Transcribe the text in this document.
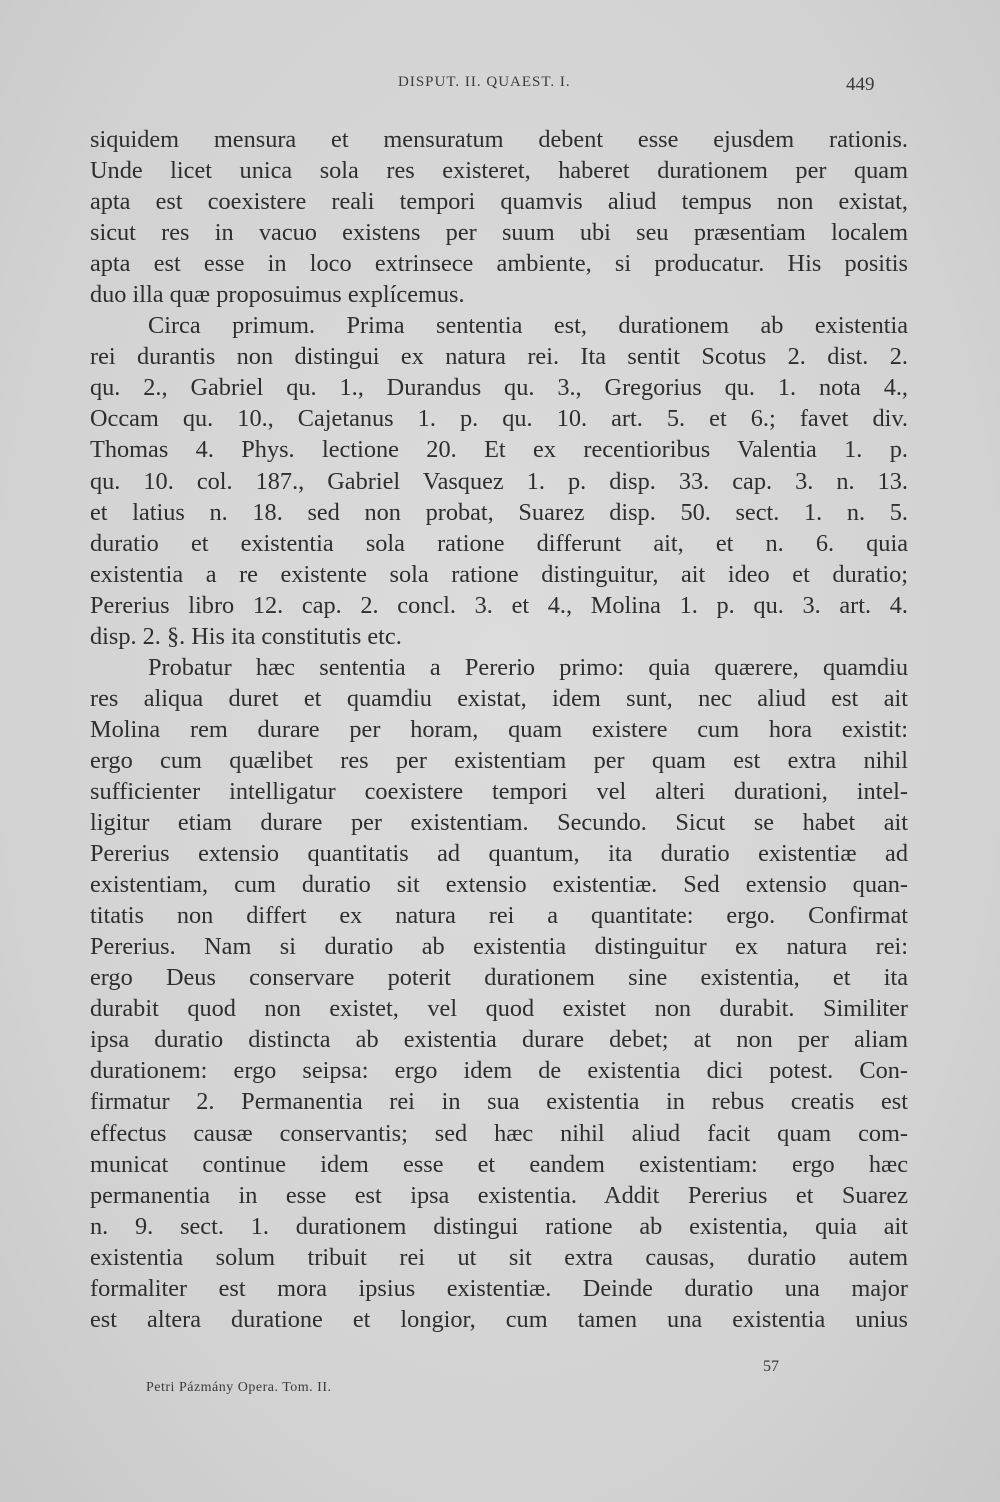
DISPUT. II. QUAEST. I.	449
siquidem mensura et mensuratum debent esse ejusdem rationis.
Unde licet unica sola res existeret, haberet durationem per quam
apta est coexistere reali tempori quamvis aliud tempus non existat,
sicut res in vacuo existens per suum ubi seu præsentiam localem
apta est esse in loco extrinsece ambiente, si producatur. His positis
duo illa quæ proposuimus explícemus.
Circa primum. Prima sententia est, durationem ab existentia
rei durantis non distingui ex natura rei. Ita sentit Scotus 2. dist. 2.
qu. 2., Gabriel qu. 1., Durandus qu. 3., Gregorius qu. 1. nota 4.,
Occam qu. 10., Cajetanus 1. p. qu. 10. art. 5. et 6.; favet div.
Thomas 4. Phys. lectione 20. Et ex recentioribus Valentia 1. p.
qu. 10. col. 187., Gabriel Vasquez 1. p. disp. 33. cap. 3. n. 13.
et latius n. 18. sed non probat, Suarez disp. 50. sect. 1. n. 5.
duratio et existentia sola ratione differunt ait, et n. 6. quia
existentia a re existente sola ratione distinguitur, ait ideo et duratio;
Pererius libro 12. cap. 2. concl. 3. et 4., Molina 1. p. qu. 3. art. 4.
disp. 2. §. His ita constitutis etc.
Probatur hæc sententia a Pererio primo: quia quærere, quamdiu
res aliqua duret et quamdiu existat, idem sunt, nec aliud est ait
Molina rem durare per horam, quam existere cum hora existit:
ergo cum quælibet res per existentiam per quam est extra nihil
sufficienter intelligatur coexistere tempori vel alteri durationi, intel-
ligitur etiam durare per existentiam. Secundo. Sicut se habet ait
Pererius extensio quantitatis ad quantum, ita duratio existentiæ ad
existentiam, cum duratio sit extensio existentiæ. Sed extensio quan-
titatis non differt ex natura rei a quantitate: ergo. Confirmat
Pererius. Nam si duratio ab existentia distinguitur ex natura rei:
ergo Deus conservare poterit durationem sine existentia, et ita
durabit quod non existet, vel quod existet non durabit. Similiter
ipsa duratio distincta ab existentia durare debet; at non per aliam
durationem: ergo seipsa: ergo idem de existentia dici potest. Con-
firmatur 2. Permanentia rei in sua existentia in rebus creatis est
effectus causæ conservantis; sed hæc nihil aliud facit quam com-
municat continue idem esse et eandem existentiam: ergo hæc
permanentia in esse est ipsa existentia. Addit Pererius et Suarez
n. 9. sect. 1. durationem distingui ratione ab existentia, quia ait
existentia solum tribuit rei ut sit extra causas, duratio autem
formaliter est mora ipsius existentiæ. Deinde duratio una major
est altera duratione et longior, cum tamen una existentia unius
57
Petri Pázmány Opera. Tom. II.
